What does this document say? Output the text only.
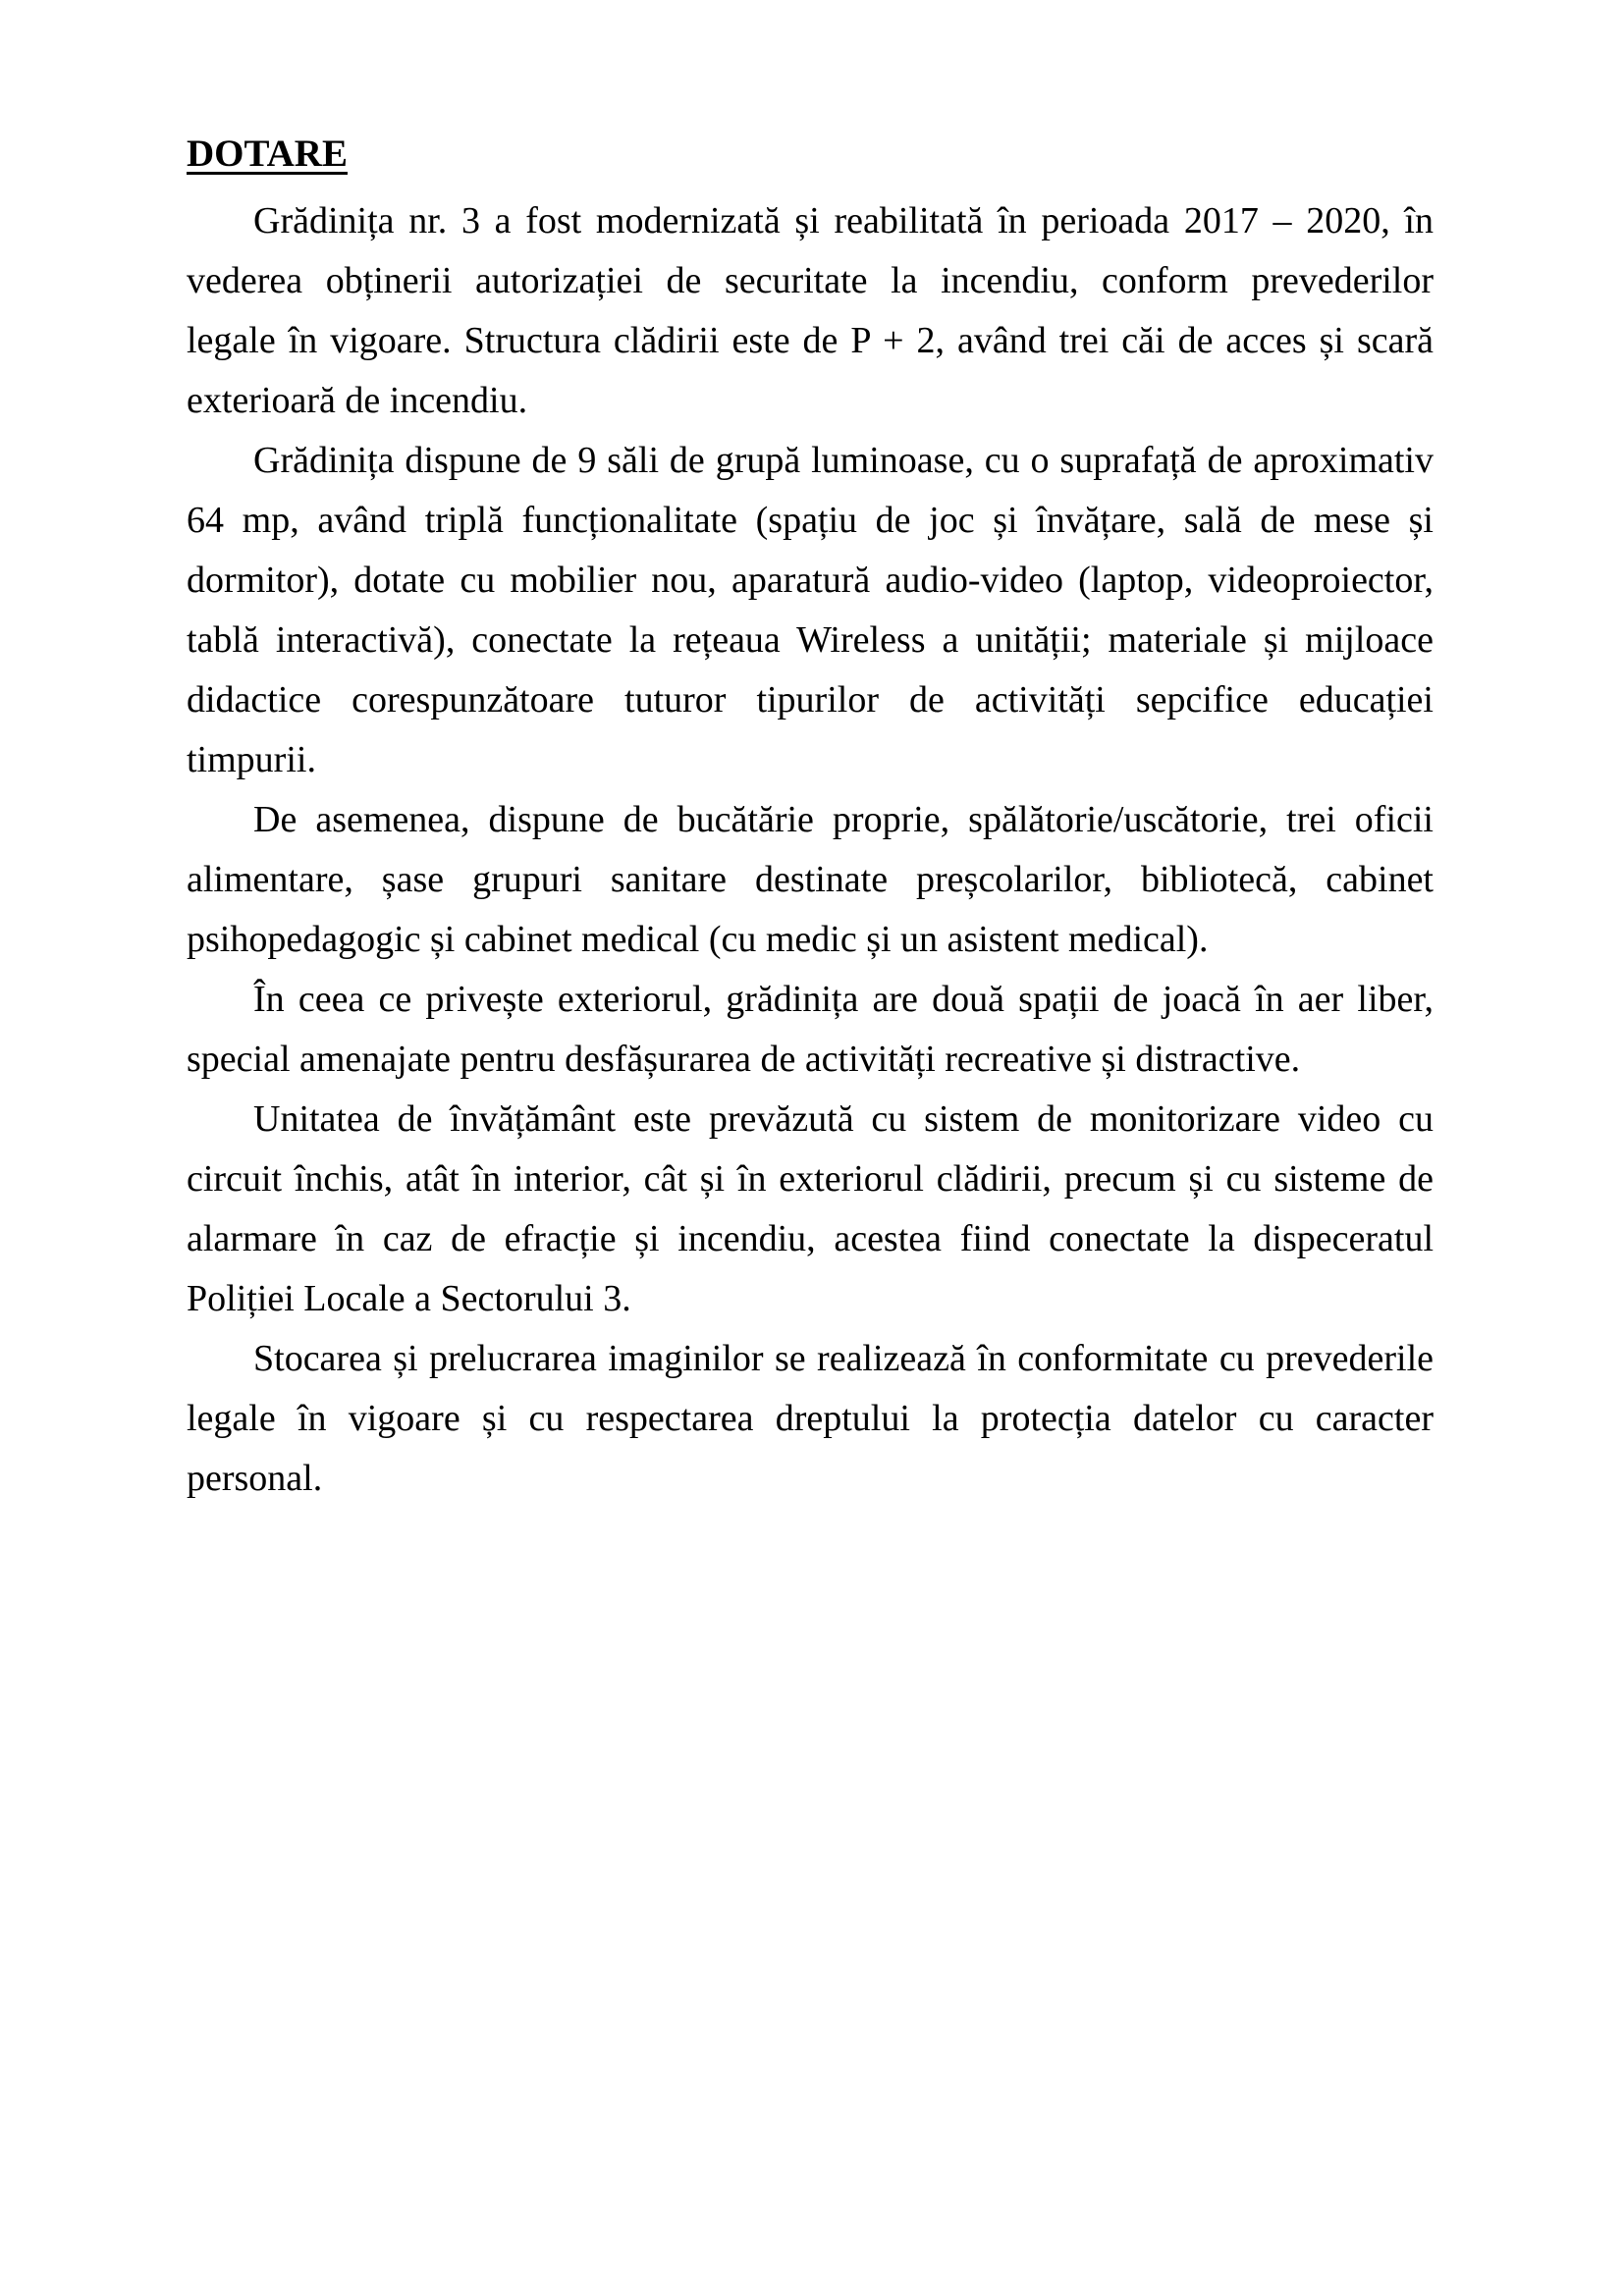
DOTARE
Grădinița nr. 3 a fost modernizată și reabilitată în perioada 2017 – 2020, în
vederea obținerii autorizației de securitate la incendiu, conform prevederilor
legale în vigoare. Structura clădirii este de P + 2, având trei căi de acces și scară
exterioară de incendiu.
Grădinița dispune de 9 săli de grupă luminoase, cu o suprafață de aproximativ
64 mp, având triplă funcționalitate (spațiu de joc și învățare, sală de mese și
dormitor), dotate cu mobilier nou, aparatură audio-video (laptop, videoproiector,
tablă interactivă), conectate la rețeaua Wireless a unității; materiale și mijloace
didactice corespunzătoare tuturor tipurilor de activități sepcifice educației
timpurii.
De asemenea, dispune de bucătărie proprie, spălătorie/uscătorie, trei oficii
alimentare, șase grupuri sanitare destinate preșcolarilor, bibliotecă, cabinet
psihopedagogic și cabinet medical (cu medic și un asistent medical).
În ceea ce privește exteriorul, grădinița are două spații de joacă în aer liber,
special amenajate pentru desfășurarea de activități recreative și distractive.
Unitatea de învățământ este prevăzută cu sistem de monitorizare video cu
circuit închis, atât în interior, cât și în exteriorul clădirii, precum și cu sisteme de
alarmare în caz de efracție și incendiu, acestea fiind conectate la dispeceratul
Poliției Locale a Sectorului 3.
Stocarea și prelucrarea imaginilor se realizează în conformitate cu prevederile
legale în vigoare și cu respectarea dreptului la protecția datelor cu caracter
personal.
